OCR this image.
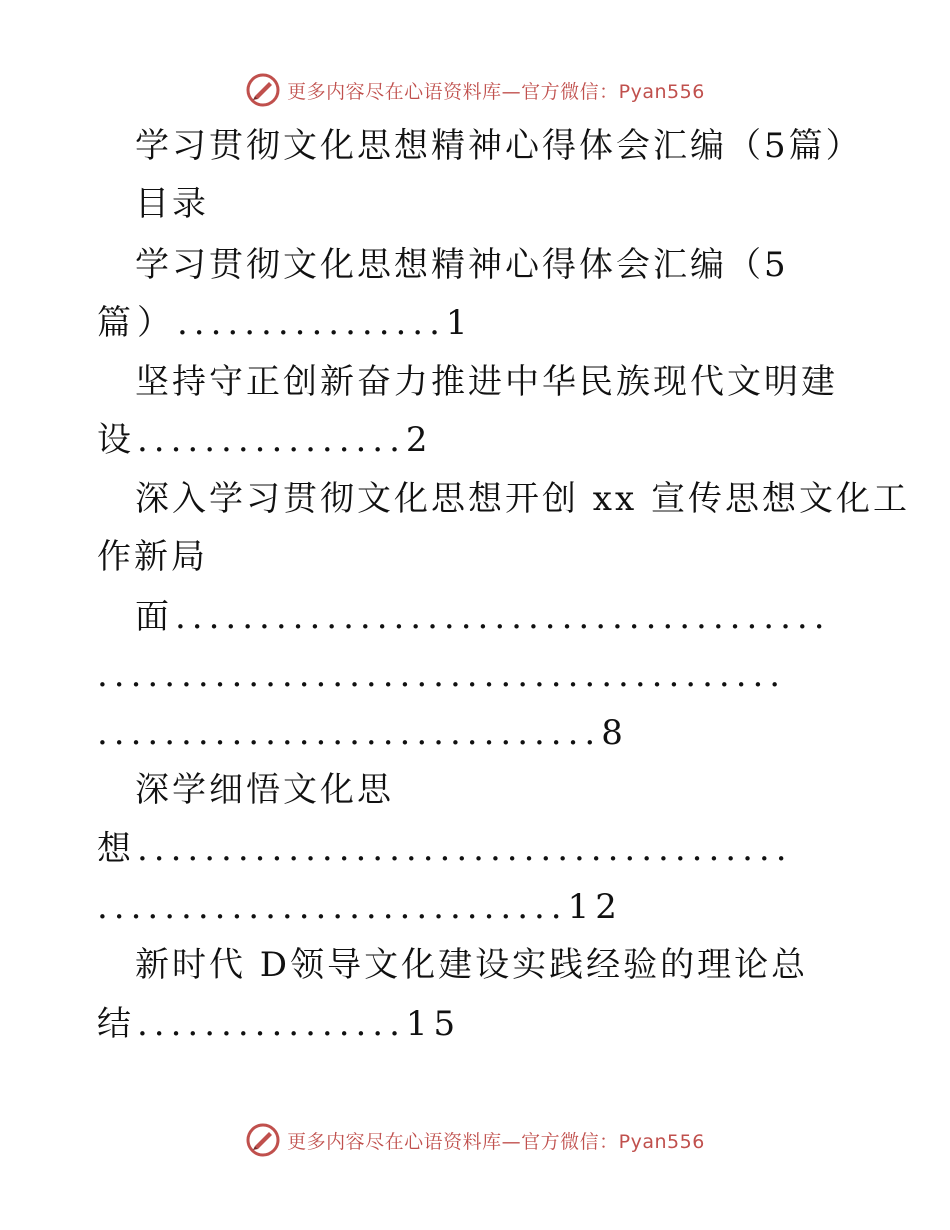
更多内容尽在心语资料库—官方微信：Pyan556
学习贯彻文化思想精神心得体会汇编（5篇）
目录
学习贯彻文化思想精神心得体会汇编（5
篇）................1
坚持守正创新奋力推进中华民族现代文明建
设................2
深入学习贯彻文化思想开创 xx 宣传思想文化工
作新局
面.......................................
.........................................
..............................8
深学细悟文化思
想.......................................
............................12
新时代 D领导文化建设实践经验的理论总
结................15
更多内容尽在心语资料库—官方微信：Pyan556
